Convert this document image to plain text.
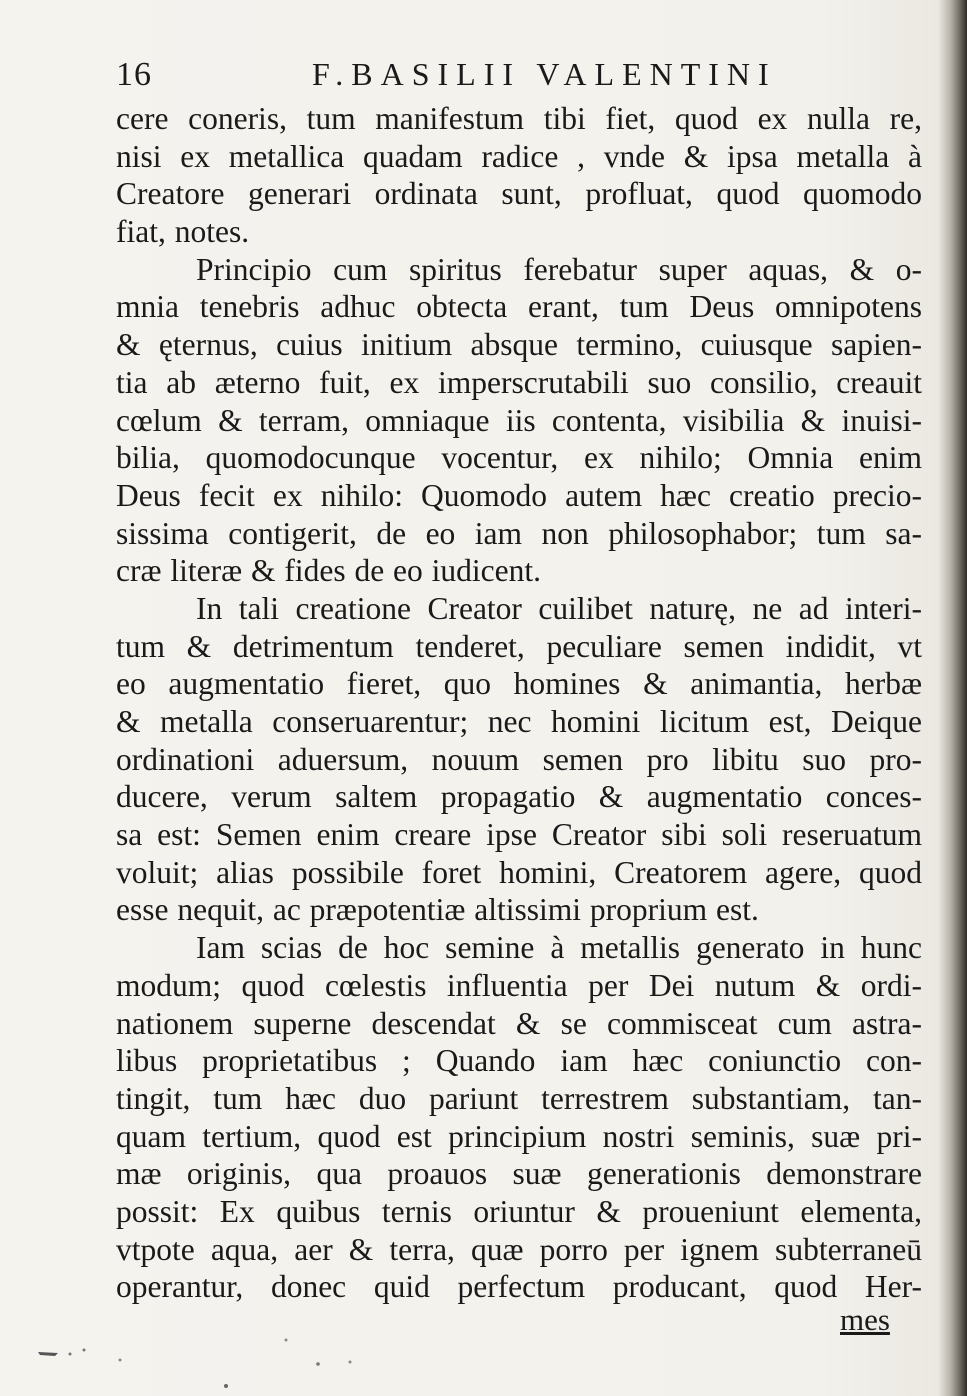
16	F.BASILII VALENTINI
cere coneris, tum manifestum tibi fiet, quod ex nulla re,
nisi ex metallica quadam radice , vnde & ipsa metalla à
Creatore generari ordinata sunt, profluat, quod quomodo
fiat, notes.
Principio cum spiritus ferebatur super aquas, & o-
mnia tenebris adhuc obtecta erant, tum Deus omnipotens
& ęternus, cuius initium absque termino, cuiusque sapien-
tia ab æterno fuit, ex imperscrutabili suo consilio, creauit
cœlum & terram, omniaque iis contenta, visibilia & inuisi-
bilia, quomodocunque vocentur, ex nihilo; Omnia enim
Deus fecit ex nihilo: Quomodo autem hæc creatio precio-
sissima contigerit, de eo iam non philosophabor; tum sa-
cræ literæ & fides de eo iudicent.
In tali creatione Creator cuilibet naturę, ne ad interi-
tum & detrimentum tenderet, peculiare semen indidit, vt
eo augmentatio fieret, quo homines & animantia, herbæ
& metalla conseruarentur; nec homini licitum est, Deique
ordinationi aduersum, nouum semen pro libitu suo pro-
ducere, verum saltem propagatio & augmentatio conces-
sa est: Semen enim creare ipse Creator sibi soli reseruatum
voluit; alias possibile foret homini, Creatorem agere, quod
esse nequit, ac præpotentiæ altissimi proprium est.
Iam scias de hoc semine à metallis generato in hunc
modum; quod cœlestis influentia per Dei nutum & ordi-
nationem superne descendat & se commisceat cum astra-
libus proprietatibus ; Quando iam hæc coniunctio con-
tingit, tum hæc duo pariunt terrestrem substantiam, tan-
quam tertium, quod est principium nostri seminis, suæ pri-
mæ originis, qua proauos suæ generationis demonstrare
possit: Ex quibus ternis oriuntur & proueniunt elementa,
vtpote aqua, aer & terra, quæ porro per ignem subterraneū
operantur, donec quid perfectum producant, quod Her-
mes
